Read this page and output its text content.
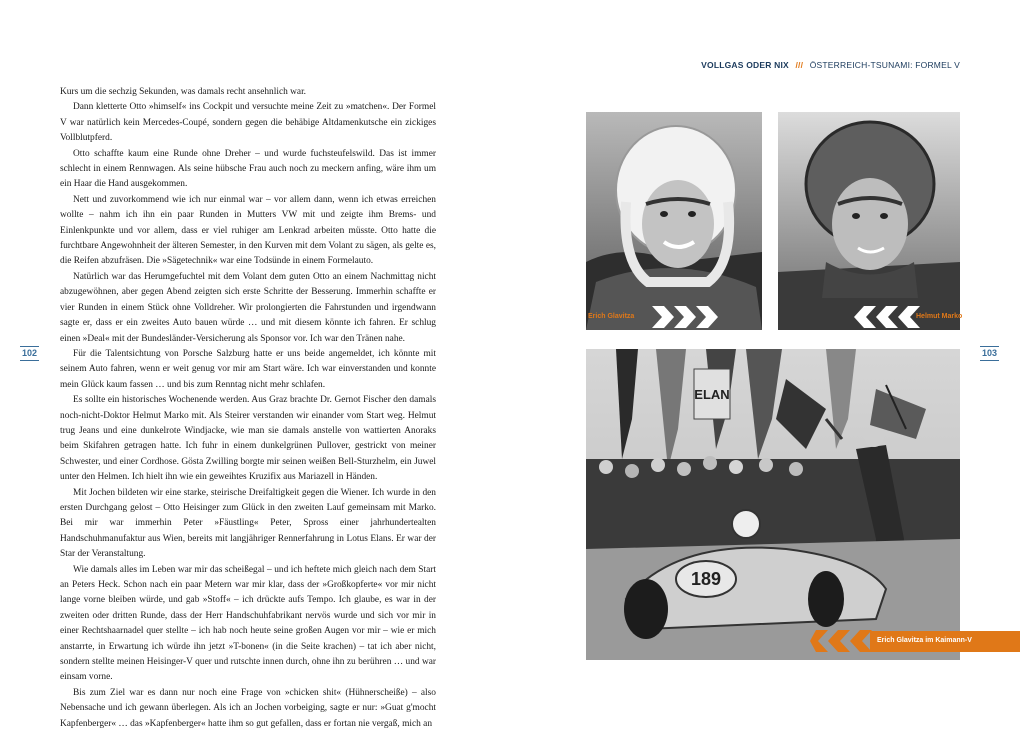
VOLLGAS ODER NIX /// ÖSTERREICH-TSUNAMI: FORMEL V
102	103

Kurs um die sechzig Sekunden, was damals recht ansehnlich war.

Dann kletterte Otto »himself« ins Cockpit und versuchte meine Zeit zu »matchen«. Der Formel V war natürlich kein Mercedes-Coupé, sondern gegen die behäbige Altdamenkutsche ein zickiges Vollblutpferd.

Otto schaffte kaum eine Runde ohne Dreher – und wurde fuchsteufelswild. Das ist immer schlecht in einem Rennwagen. Als seine hübsche Frau auch noch zu meckern anfing, wäre ihm um ein Haar die Hand ausgekommen.

Nett und zuvorkommend wie ich nur einmal war – vor allem dann, wenn ich etwas erreichen wollte – nahm ich ihn ein paar Runden in Mutters VW mit und zeigte ihm Brems- und Einlenkpunkte und vor allem, dass er viel ruhiger am Lenkrad arbeiten müsste. Otto hatte die furchtbare Angewohnheit der älteren Semester, in den Kurven mit dem Volant zu sägen, als gelte es, die Reifen abzufräsen. Die »Sägetechnik« war eine Todsünde in einem Formelauto.

Natürlich war das Herumgefuchtel mit dem Volant dem guten Otto an einem Nachmittag nicht abzugewöhnen, aber gegen Abend zeigten sich erste Schritte der Besserung. Immerhin schaffte er vier Runden in einem Stück ohne Volldreher. Wir prolongierten die Fahrstunden und irgendwann sagte er, dass er ein zweites Auto bauen würde … und mit diesem könnte ich fahren. Er schlug einen »Deal« mit der Bundesländer-Versicherung als Sponsor vor. Ich war den Tränen nahe.

Für die Talentsichtung von Porsche Salzburg hatte er uns beide angemeldet, ich könnte mit seinem Auto fahren, wenn er weit genug vor mir am Start wäre. Ich war einverstanden und konnte mein Glück kaum fassen … und bis zum Renntag nicht mehr schlafen.

Es sollte ein historisches Wochenende werden. Aus Graz brachte Dr. Gernot Fischer den damals noch-nicht-Doktor Helmut Marko mit. Als Steirer verstanden wir einander vom Start weg. Helmut trug Jeans und eine dunkelrote Windjacke, wie man sie damals anstelle von wattierten Anoraks beim Skifahren getragen hatte. Ich fuhr in einem dunkelgrünen Pullover, gestrickt von meiner Schwester, und einer Cordhose. Gösta Zwilling borgte mir seinen weißen Bell-Sturzhelm, ein Juwel unter den Helmen. Ich hielt ihn wie ein geweihtes Kruzifix aus Mariazell in Händen.

Mit Jochen bildeten wir eine starke, steirische Dreifaltigkeit gegen die Wiener. Ich wurde in den ersten Durchgang gelost – Otto Heisinger zum Glück in den zweiten Lauf gemeinsam mit Marko. Bei mir war immerhin Peter »Fäustling« Peter, Spross einer jahrhundertealten Handschuhmanufaktur aus Wien, bereits mit langjähriger Rennerfahrung in Lotus Elans. Er war der Star der Veranstaltung.

Wie damals alles im Leben war mir das scheißegal – und ich heftete mich gleich nach dem Start an Peters Heck. Schon nach ein paar Metern war mir klar, dass der »Großkopferte« vor mir nicht lange vorne bleiben würde, und gab »Stoff« – ich drückte aufs Tempo. Ich glaube, es war in der zweiten oder dritten Runde, dass der Herr Handschuhfabrikant nervös wurde und sich vor mir in einer Rechtshaarnadel quer stellte – ich hab noch heute seine großen Augen vor mir – wie er mich anstarrte, in Erwartung ich würde ihn jetzt »T-bonen« (in die Seite krachen) – tat ich aber nicht, sondern stellte meinen Heisinger-V quer und rutschte innen durch, ohne ihn zu berühren … und war einsam vorne.

Bis zum Ziel war es dann nur noch eine Frage von »chicken shit« (Hühnerscheiße) – also Nebensache und ich gewann überlegen. Als ich an Jochen vorbeiging, sagte er nur: »Guat g'mocht Kapfenberger« … das »Kapfenberger« hatte ihm so gut gefallen, dass er fortan nie vergaß, mich an

ELAN
189
Erich Glavitza	Helmut Marko
Erich Glavitza im Kaimann-V
